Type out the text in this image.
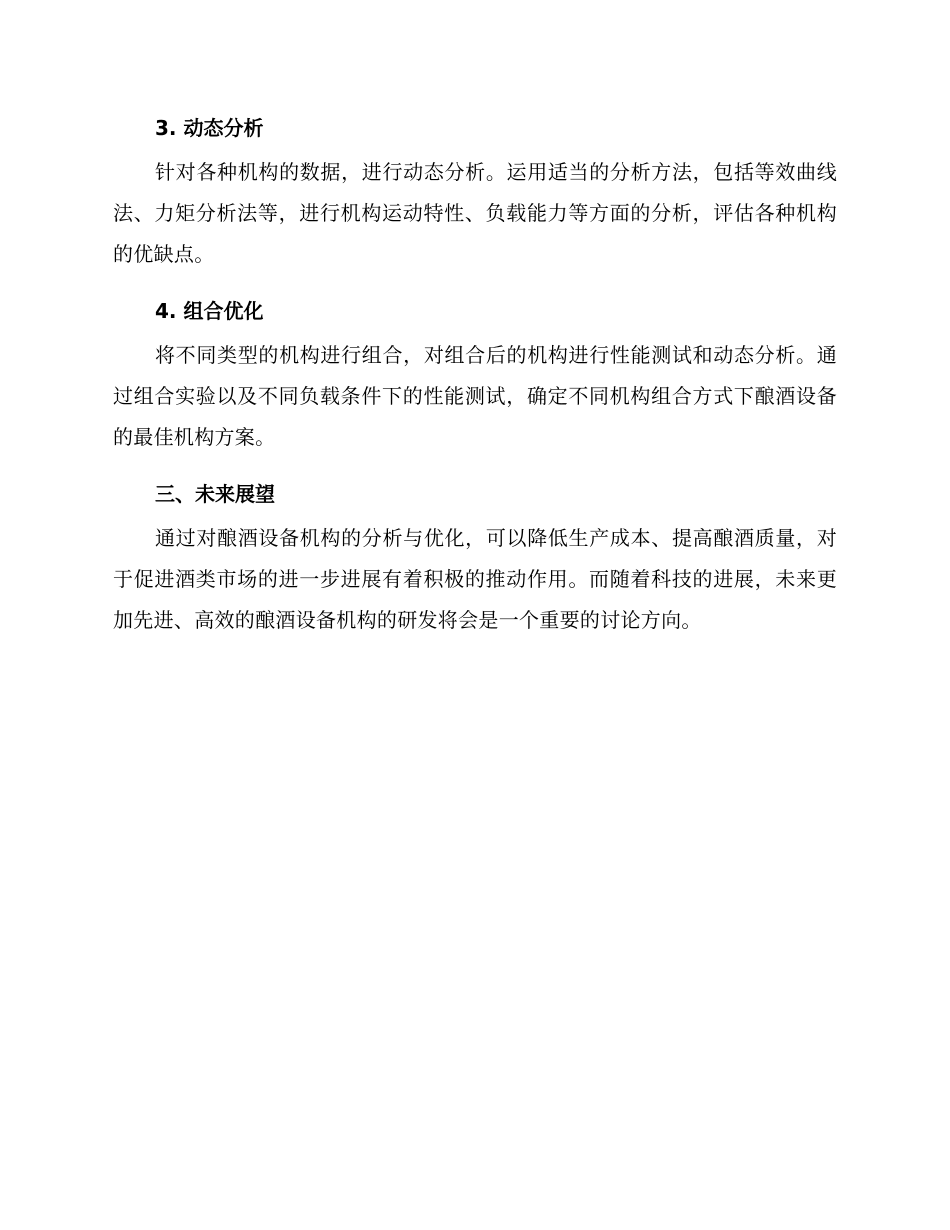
3. 动态分析

针对各种机构的数据，进行动态分析。运用适当的分析方法，包括等效曲线法、力矩分析法等，进行机构运动特性、负载能力等方面的分析，评估各种机构的优缺点。

4. 组合优化

将不同类型的机构进行组合，对组合后的机构进行性能测试和动态分析。通过组合实验以及不同负载条件下的性能测试，确定不同机构组合方式下酿酒设备的最佳机构方案。

三、未来展望

通过对酿酒设备机构的分析与优化，可以降低生产成本、提高酿酒质量，对于促进酒类市场的进一步进展有着积极的推动作用。而随着科技的进展，未来更加先进、高效的酿酒设备机构的研发将会是一个重要的讨论方向。
